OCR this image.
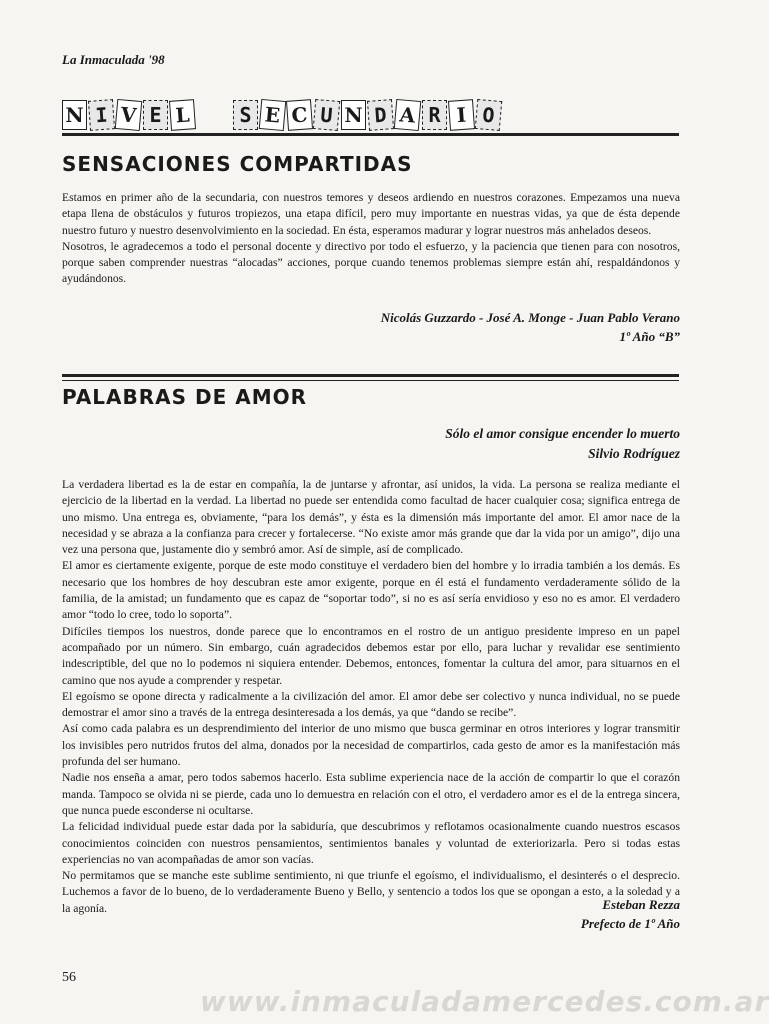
La Inmaculada '98
N I V E L	S E C U N D A R I O
SENSACIONES COMPARTIDAS

Estamos en primer año de la secundaria, con nuestros temores y deseos ardiendo en nuestros corazones. Empezamos una nueva etapa llena de obstáculos y futuros tropiezos, una etapa difícil, pero muy importante en nuestras vidas, ya que de ésta depende nuestro futuro y nuestro desenvolvimiento en la sociedad. En ésta, esperamos madurar y lograr nuestros más anhelados deseos.

Nosotros, le agradecemos a todo el personal docente y directivo por todo el esfuerzo, y la paciencia que tienen para con nosotros, porque saben comprender nuestras “alocadas” acciones, porque cuando tenemos problemas siempre están ahí, respaldándonos y ayudándonos.

Nicolás Guzzardo - José A. Monge - Juan Pablo Verano
1º Año “B”
PALABRAS DE AMOR
Sólo el amor consigue encender lo muerto
Silvio Rodríguez

La verdadera libertad es la de estar en compañía, la de juntarse y afrontar, así unidos, la vida. La persona se realiza mediante el ejercicio de la libertad en la verdad. La libertad no puede ser entendida como facultad de hacer cualquier cosa; significa entrega de uno mismo. Una entrega es, obviamente, “para los demás”, y ésta es la dimensión más importante del amor. El amor nace de la necesidad y se abraza a la confianza para crecer y fortalecerse. “No existe amor más grande que dar la vida por un amigo”, dijo una vez una persona que, justamente dio y sembró amor. Así de simple, así de complicado.

El amor es ciertamente exigente, porque de este modo constituye el verdadero bien del hombre y lo irradia también a los demás. Es necesario que los hombres de hoy descubran este amor exigente, porque en él está el fundamento verdaderamente sólido de la familia, de la amistad; un fundamento que es capaz de “soportar todo”, si no es así sería envidioso y eso no es amor. El verdadero amor “todo lo cree, todo lo soporta”.

Difíciles tiempos los nuestros, donde parece que lo encontramos en el rostro de un antiguo presidente impreso en un papel acompañado por un número. Sin embargo, cuán agradecidos debemos estar por ello, para luchar y revalidar ese sentimiento indescriptible, del que no lo podemos ni siquiera entender. Debemos, entonces, fomentar la cultura del amor, para situarnos en el camino que nos ayude a comprender y respetar.

El egoísmo se opone directa y radicalmente a la civilización del amor. El amor debe ser colectivo y nunca individual, no se puede demostrar el amor sino a través de la entrega desinteresada a los demás, ya que “dando se recibe”.

Así como cada palabra es un desprendimiento del interior de uno mismo que busca germinar en otros interiores y lograr transmitir los invisibles pero nutridos frutos del alma, donados por la necesidad de compartirlos, cada gesto de amor es la manifestación más profunda del ser humano.

Nadie nos enseña a amar, pero todos sabemos hacerlo. Esta sublime experiencia nace de la acción de compartir lo que el corazón manda. Tampoco se olvida ni se pierde, cada uno lo demuestra en relación con el otro, el verdadero amor es el de la entrega sincera, que nunca puede esconderse ni ocultarse.

La felicidad individual puede estar dada por la sabiduría, que descubrimos y reflotamos ocasionalmente cuando nuestros escasos conocimientos coinciden con nuestros pensamientos, sentimientos banales y voluntad de exteriorizarla. Pero si todas estas experiencias no van acompañadas de amor son vacías.

No permitamos que se manche este sublime sentimiento, ni que triunfe el egoísmo, el individualismo, el desinterés o el desprecio. Luchemos a favor de lo bueno, de lo verdaderamente Bueno y Bello, y sentencio a todos los que se opongan a esto, a la soledad y a la agonía.	Esteban Rezza
Prefecto de 1º Año
56
www.inmaculadamercedes.com.ar
